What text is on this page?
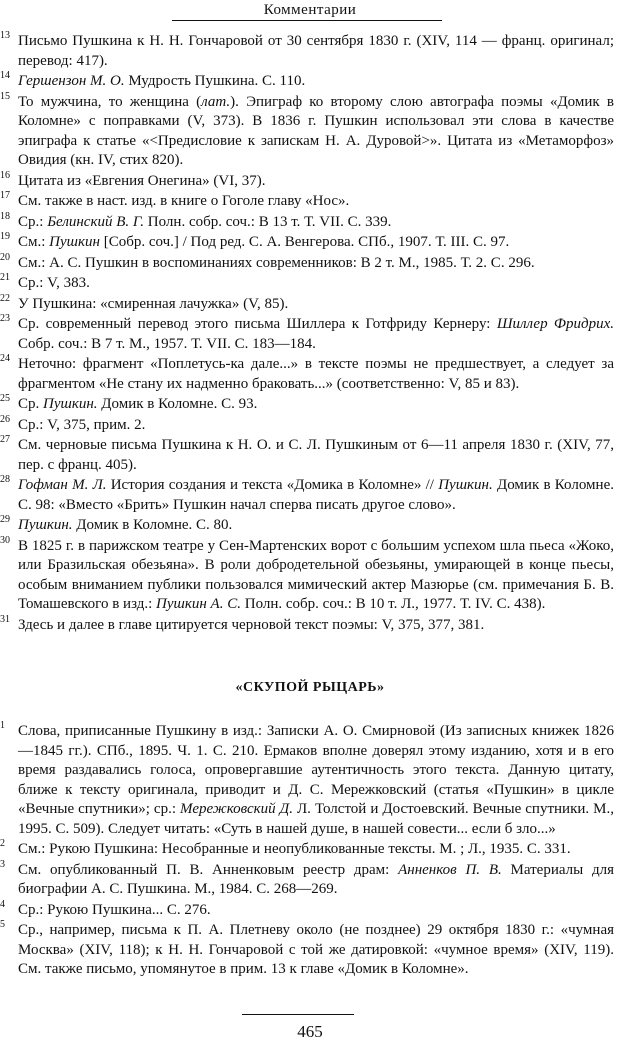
Комментарии
13 Письмо Пушкина к Н. Н. Гончаровой от 30 сентября 1830 г. (XIV, 114 — франц. оригинал; перевод: 417).
14 Гершензон М. О. Мудрость Пушкина. С. 110.
15 То мужчина, то женщина (лат.). Эпиграф ко второму слою автографа поэмы «Домик в Коломне» с поправками (V, 373). В 1836 г. Пушкин использовал эти слова в качестве эпиграфа к статье «<Предисловие к запискам Н. А. Дуровой>». Цитата из «Метаморфоз» Овидия (кн. IV, стих 820).
16 Цитата из «Евгения Онегина» (VI, 37).
17 См. также в наст. изд. в книге о Гоголе главу «Нос».
18 Ср.: Белинский В. Г. Полн. собр. соч.: В 13 т. Т. VII. С. 339.
19 См.: Пушкин [Собр. соч.] / Под ред. С. А. Венгерова. СПб., 1907. Т. III. С. 97.
20 См.: А. С. Пушкин в воспоминаниях современников: В 2 т. М., 1985. Т. 2. С. 296.
21 Ср.: V, 383.
22 У Пушкина: «смиренная лачужка» (V, 85).
23 Ср. современный перевод этого письма Шиллера к Готфриду Кернеру: Шиллер Фридрих. Собр. соч.: В 7 т. М., 1957. Т. VII. С. 183—184.
24 Неточно: фрагмент «Поплетусь-ка дале...» в тексте поэмы не предшествует, а следует за фрагментом «Не стану их надменно браковать...» (соответственно: V, 85 и 83).
25 Ср. Пушкин. Домик в Коломне. С. 93.
26 Ср.: V, 375, прим. 2.
27 См. черновые письма Пушкина к Н. О. и С. Л. Пушкиным от 6—11 апреля 1830 г. (XIV, 77, пер. с франц. 405).
28 Гофман М. Л. История создания и текста «Домика в Коломне» // Пушкин. Домик в Коломне. С. 98: «Вместо «Брить» Пушкин начал сперва писать другое слово».
29 Пушкин. Домик в Коломне. С. 80.
30 В 1825 г. в парижском театре у Сен-Мартенских ворот с большим успехом шла пьеса «Жоко, или Бразильская обезьяна». В роли добродетельной обезьяны, умирающей в конце пьесы, особым вниманием публики пользовался мимический актер Мазюрье (см. примечания Б. В. Томашевского в изд.: Пушкин А. С. Полн. собр. соч.: В 10 т. Л., 1977. Т. IV. С. 438).
31 Здесь и далее в главе цитируется черновой текст поэмы: V, 375, 377, 381.
«СКУПОЙ РЫЦАРЬ»
1 Слова, приписанные Пушкину в изд.: Записки А. О. Смирновой (Из записных книжек 1826—1845 гг.). СПб., 1895. Ч. 1. С. 210. Ермаков вполне доверял этому изданию, хотя и в его время раздавались голоса, опровергавшие аутентичность этого текста. Данную цитату, ближе к тексту оригинала, приводит и Д. С. Мережковский (статья «Пушкин» в цикле «Вечные спутники»; ср.: Мережковский Д. Л. Толстой и Достоевский. Вечные спутники. М., 1995. С. 509). Следует читать: «Суть в нашей душе, в нашей совести... если б зло...»
2 См.: Рукою Пушкина: Несобранные и неопубликованные тексты. М. ; Л., 1935. С. 331.
3 См. опубликованный П. В. Анненковым реестр драм: Анненков П. В. Материалы для биографии А. С. Пушкина. М., 1984. С. 268—269.
4 Ср.: Рукою Пушкина... С. 276.
5 Ср., например, письма к П. А. Плетневу около (не позднее) 29 октября 1830 г.: «чумная Москва» (XIV, 118); к Н. Н. Гончаровой с той же датировкой: «чумное время» (XIV, 119). См. также письмо, упомянутое в прим. 13 к главе «Домик в Коломне».
465
